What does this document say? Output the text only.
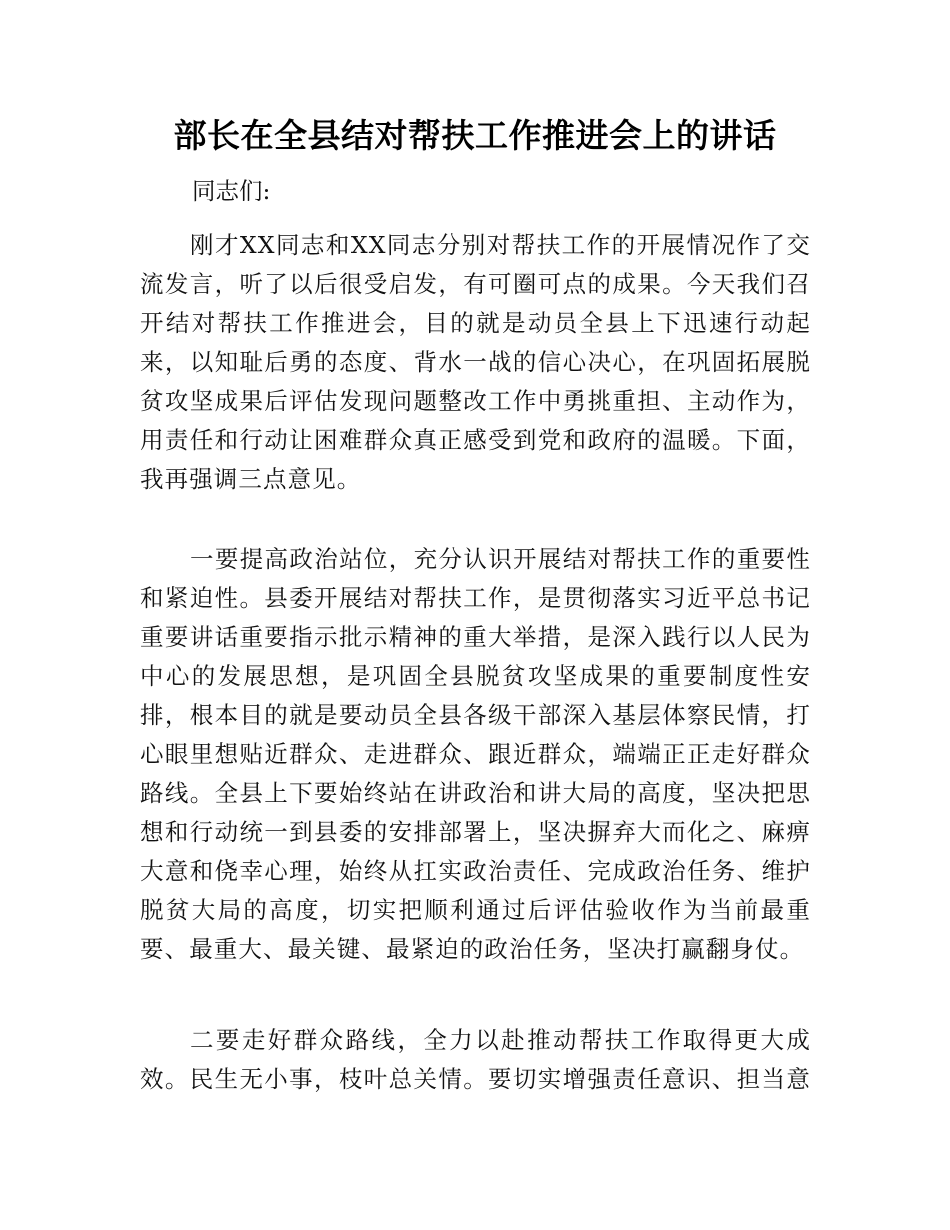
部长在全县结对帮扶工作推进会上的讲话
同志们:
刚才XX同志和XX同志分别对帮扶工作的开展情况作了交
流发言，听了以后很受启发，有可圈可点的成果。今天我们召
开结对帮扶工作推进会，目的就是动员全县上下迅速行动起
来，以知耻后勇的态度、背水一战的信心决心，在巩固拓展脱
贫攻坚成果后评估发现问题整改工作中勇挑重担、主动作为，
用责任和行动让困难群众真正感受到党和政府的温暖。下面，
我再强调三点意见。
一要提高政治站位，充分认识开展结对帮扶工作的重要性
和紧迫性。县委开展结对帮扶工作，是贯彻落实习近平总书记
重要讲话重要指示批示精神的重大举措，是深入践行以人民为
中心的发展思想，是巩固全县脱贫攻坚成果的重要制度性安
排，根本目的就是要动员全县各级干部深入基层体察民情，打
心眼里想贴近群众、走进群众、跟近群众，端端正正走好群众
路线。全县上下要始终站在讲政治和讲大局的高度，坚决把思
想和行动统一到县委的安排部署上，坚决摒弃大而化之、麻痹
大意和侥幸心理，始终从扛实政治责任、完成政治任务、维护
脱贫大局的高度，切实把顺利通过后评估验收作为当前最重
要、最重大、最关键、最紧迫的政治任务，坚决打赢翻身仗。
二要走好群众路线，全力以赴推动帮扶工作取得更大成
效。民生无小事，枝叶总关情。要切实增强责任意识、担当意
